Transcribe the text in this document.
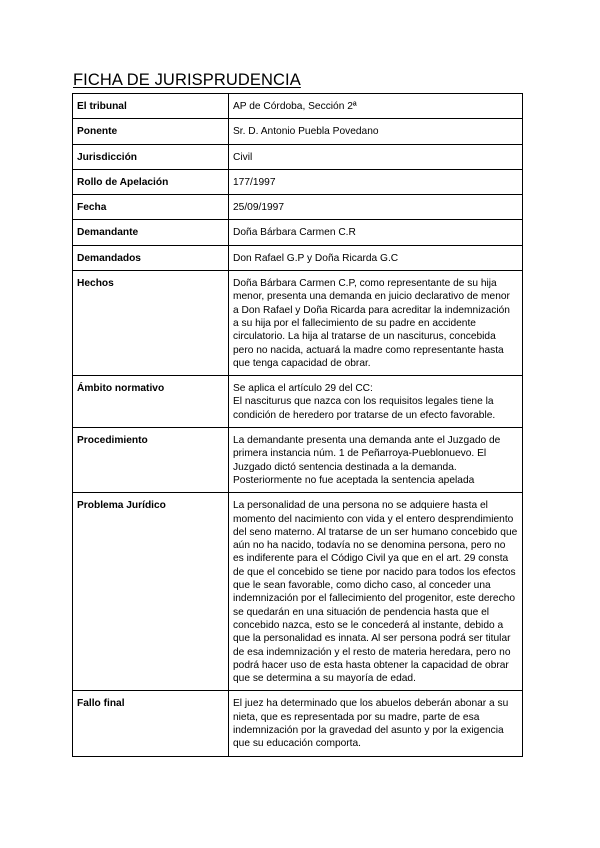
FICHA DE JURISPRUDENCIA
El tribunal	AP de Córdoba, Sección 2ª
Ponente	Sr. D. Antonio Puebla Povedano
Jurisdicción	Civil
Rollo de Apelación	177/1997
Fecha	25/09/1997
Demandante	Doña Bárbara Carmen C.R
Demandados	Don Rafael G.P y Doña Ricarda G.C
Hechos	Doña Bárbara Carmen C.P, como representante de su hija menor, presenta una demanda en juicio declarativo de menor a Don Rafael y Doña Ricarda para acreditar la indemnización a su hija por el fallecimiento de su padre en accidente circulatorio. La hija al tratarse de un nasciturus, concebida pero no nacida, actuará la madre como representante hasta que tenga capacidad de obrar.
Ámbito normativo	Se aplica el artículo 29 del CC:
El nasciturus que nazca con los requisitos legales tiene la condición de heredero por tratarse de un efecto favorable.
Procedimiento	La demandante presenta una demanda ante el Juzgado de primera instancia núm. 1 de Peñarroya-Pueblonuevo. El Juzgado dictó sentencia destinada a la demanda. Posteriormente no fue aceptada la sentencia apelada
Problema Jurídico	La personalidad de una persona no se adquiere hasta el momento del nacimiento con vida y el entero desprendimiento del seno materno. Al tratarse de un ser humano concebido que aún no ha nacido, todavía no se denomina persona, pero no es indiferente para el Código Civil ya que en el art. 29 consta de que el concebido se tiene por nacido para todos los efectos que le sean favorable, como dicho caso, al conceder una indemnización por el fallecimiento del progenitor, este derecho se quedarán en una situación de pendencia hasta que el concebido nazca, esto se le concederá al instante, debido a que la personalidad es innata. Al ser persona podrá ser titular de esa indemnización y el resto de materia heredara, pero no podrá hacer uso de esta hasta obtener la capacidad de obrar que se determina a su mayoría de edad.
Fallo final	El juez ha determinado que los abuelos deberán abonar a su nieta, que es representada por su madre, parte de esa indemnización por la gravedad del asunto y por la exigencia que su educación comporta.
